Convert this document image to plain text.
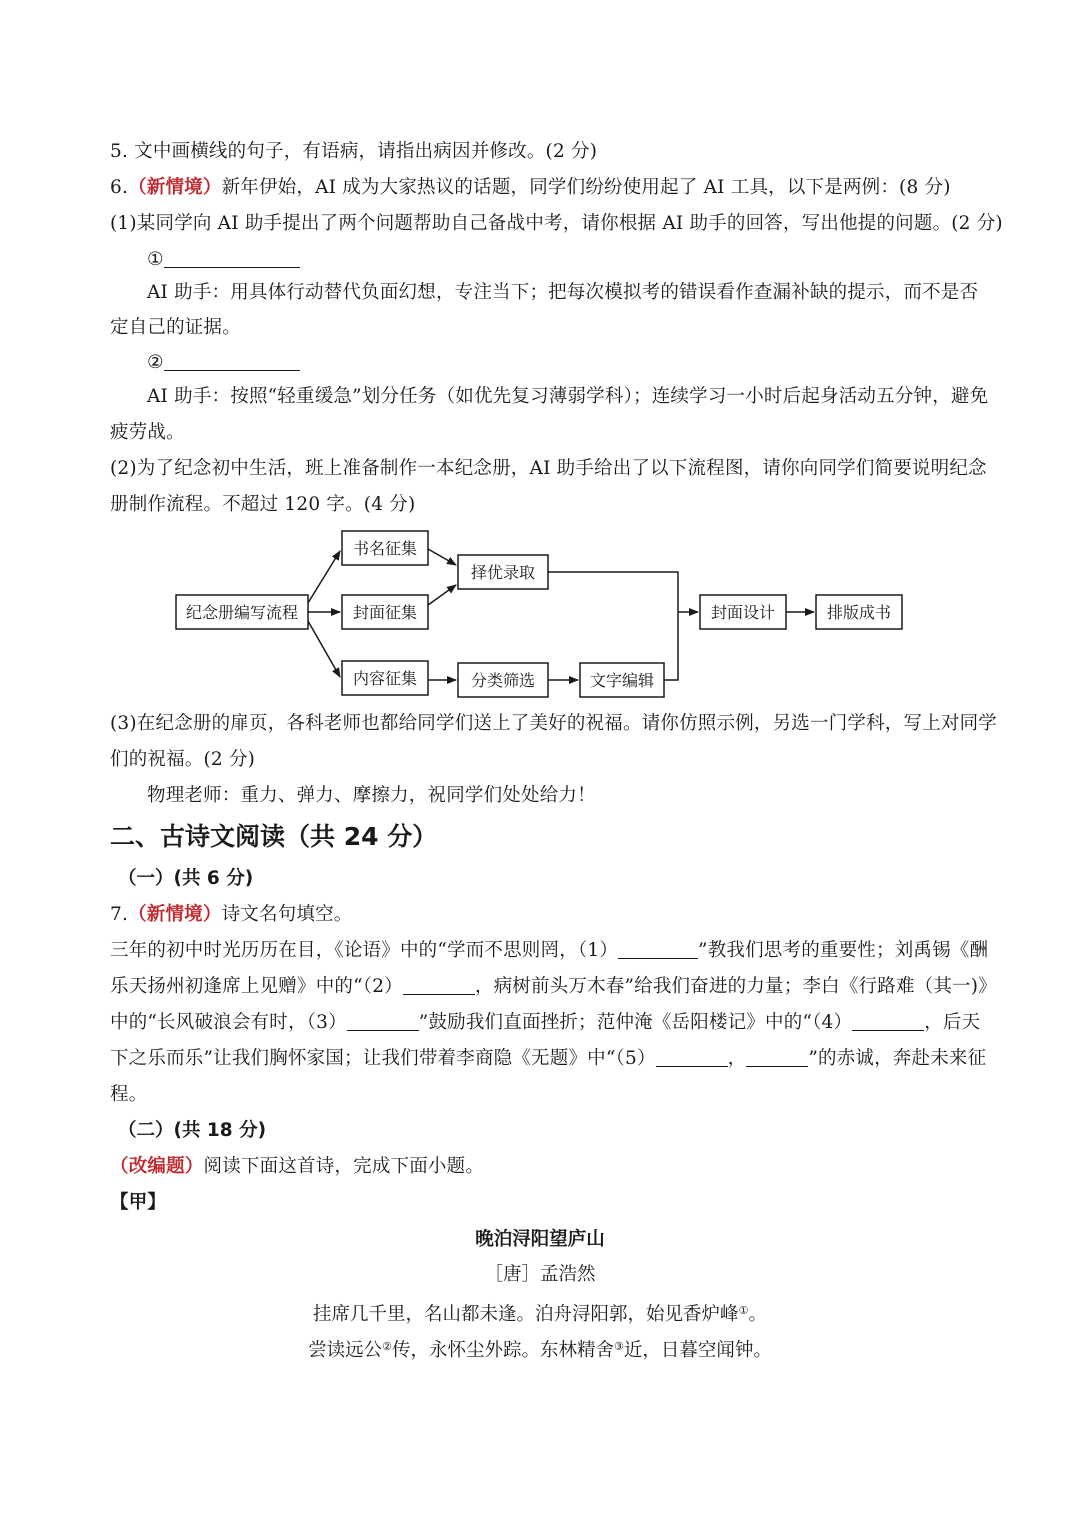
5. 文中画横线的句子，有语病，请指出病因并修改。(2 分)
6.（新情境）新年伊始，AI 成为大家热议的话题，同学们纷纷使用起了 AI 工具，以下是两例：(8 分)
(1)某同学向 AI 助手提出了两个问题帮助自己备战中考，请你根据 AI 助手的回答，写出他提的问题。(2 分)
①
AI 助手：用具体行动替代负面幻想，专注当下；把每次模拟考的错误看作查漏补缺的提示，而不是否
定自己的证据。
②
AI 助手：按照“轻重缓急”划分任务（如优先复习薄弱学科）；连续学习一小时后起身活动五分钟，避免
疲劳战。
(2)为了纪念初中生活，班上准备制作一本纪念册，AI 助手给出了以下流程图，请你向同学们简要说明纪念
册制作流程。不超过 120 字。(4 分)
纪念册编写流程
书名征集
封面征集
内容征集
择优录取
分类筛选	文字编辑
封面设计	排版成书
(3)在纪念册的扉页，各科老师也都给同学们送上了美好的祝福。请你仿照示例，另选一门学科，写上对同学
们的祝福。(2 分)
物理老师：重力、弹力、摩擦力，祝同学们处处给力！
二、古诗文阅读（共 24 分）
（一）(共 6 分)
7.（新情境）诗文名句填空。
三年的初中时光历历在目，《论语》中的“学而不思则罔，（1）	”教我们思考的重要性；刘禹锡《酬
乐天扬州初逢席上见赠》中的“（2）	，病树前头万木春”给我们奋进的力量；李白《行路难（其一)》
中的“长风破浪会有时，（3）	”鼓励我们直面挫折；范仲淹《岳阳楼记》中的“（4）	，后天
下之乐而乐”让我们胸怀家国；让我们带着李商隐《无题》中“（5）	，	”的赤诚，奔赴未来征
程。
（二）(共 18 分)
（改编题）阅读下面这首诗，完成下面小题。
【甲】
晚泊浔阳望庐山
［唐］孟浩然
挂席几千里，名山都未逢。泊舟浔阳郭，始见香炉峰①。
尝读远公②传，永怀尘外踪。东林精舍③近，日暮空闻钟。
